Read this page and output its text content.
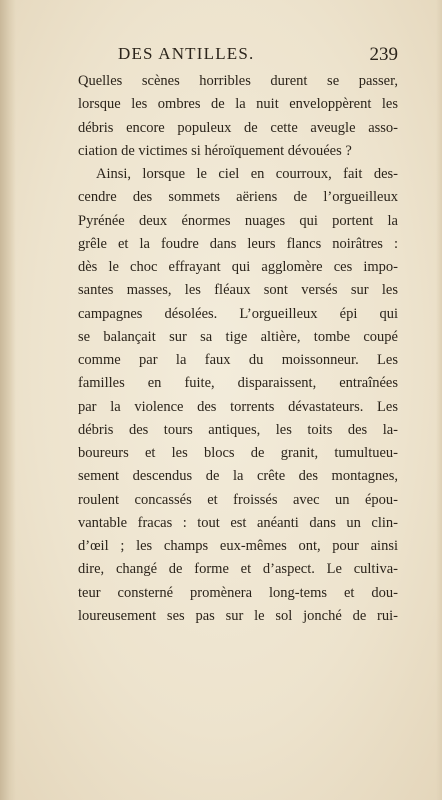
DES ANTILLES.	239
Quelles scènes horribles durent se passer,
lorsque les ombres de la nuit enveloppèrent les
débris encore populeux de cette aveugle asso-
ciation de victimes si héroïquement dévouées ?
Ainsi, lorsque le ciel en courroux, fait des-
cendre des sommets aëriens de l’orgueilleux
Pyrénée deux énormes nuages qui portent la
grêle et la foudre dans leurs flancs noirâtres :
dès le choc effrayant qui agglomère ces impo-
santes masses, les fléaux sont versés sur les
campagnes désolées. L’orgueilleux épi qui
se balançait sur sa tige altière, tombe coupé
comme par la faux du moissonneur. Les
familles en fuite, disparaissent, entraînées
par la violence des torrents dévastateurs. Les
débris des tours antiques, les toits des la-
boureurs et les blocs de granit, tumultueu-
sement descendus de la crête des montagnes,
roulent concassés et froissés avec un épou-
vantable fracas : tout est anéanti dans un clin-
d’œil ; les champs eux-mêmes ont, pour ainsi
dire, changé de forme et d’aspect. Le cultiva-
teur consterné promènera long-tems et dou-
loureusement ses pas sur le sol jonché de rui-
